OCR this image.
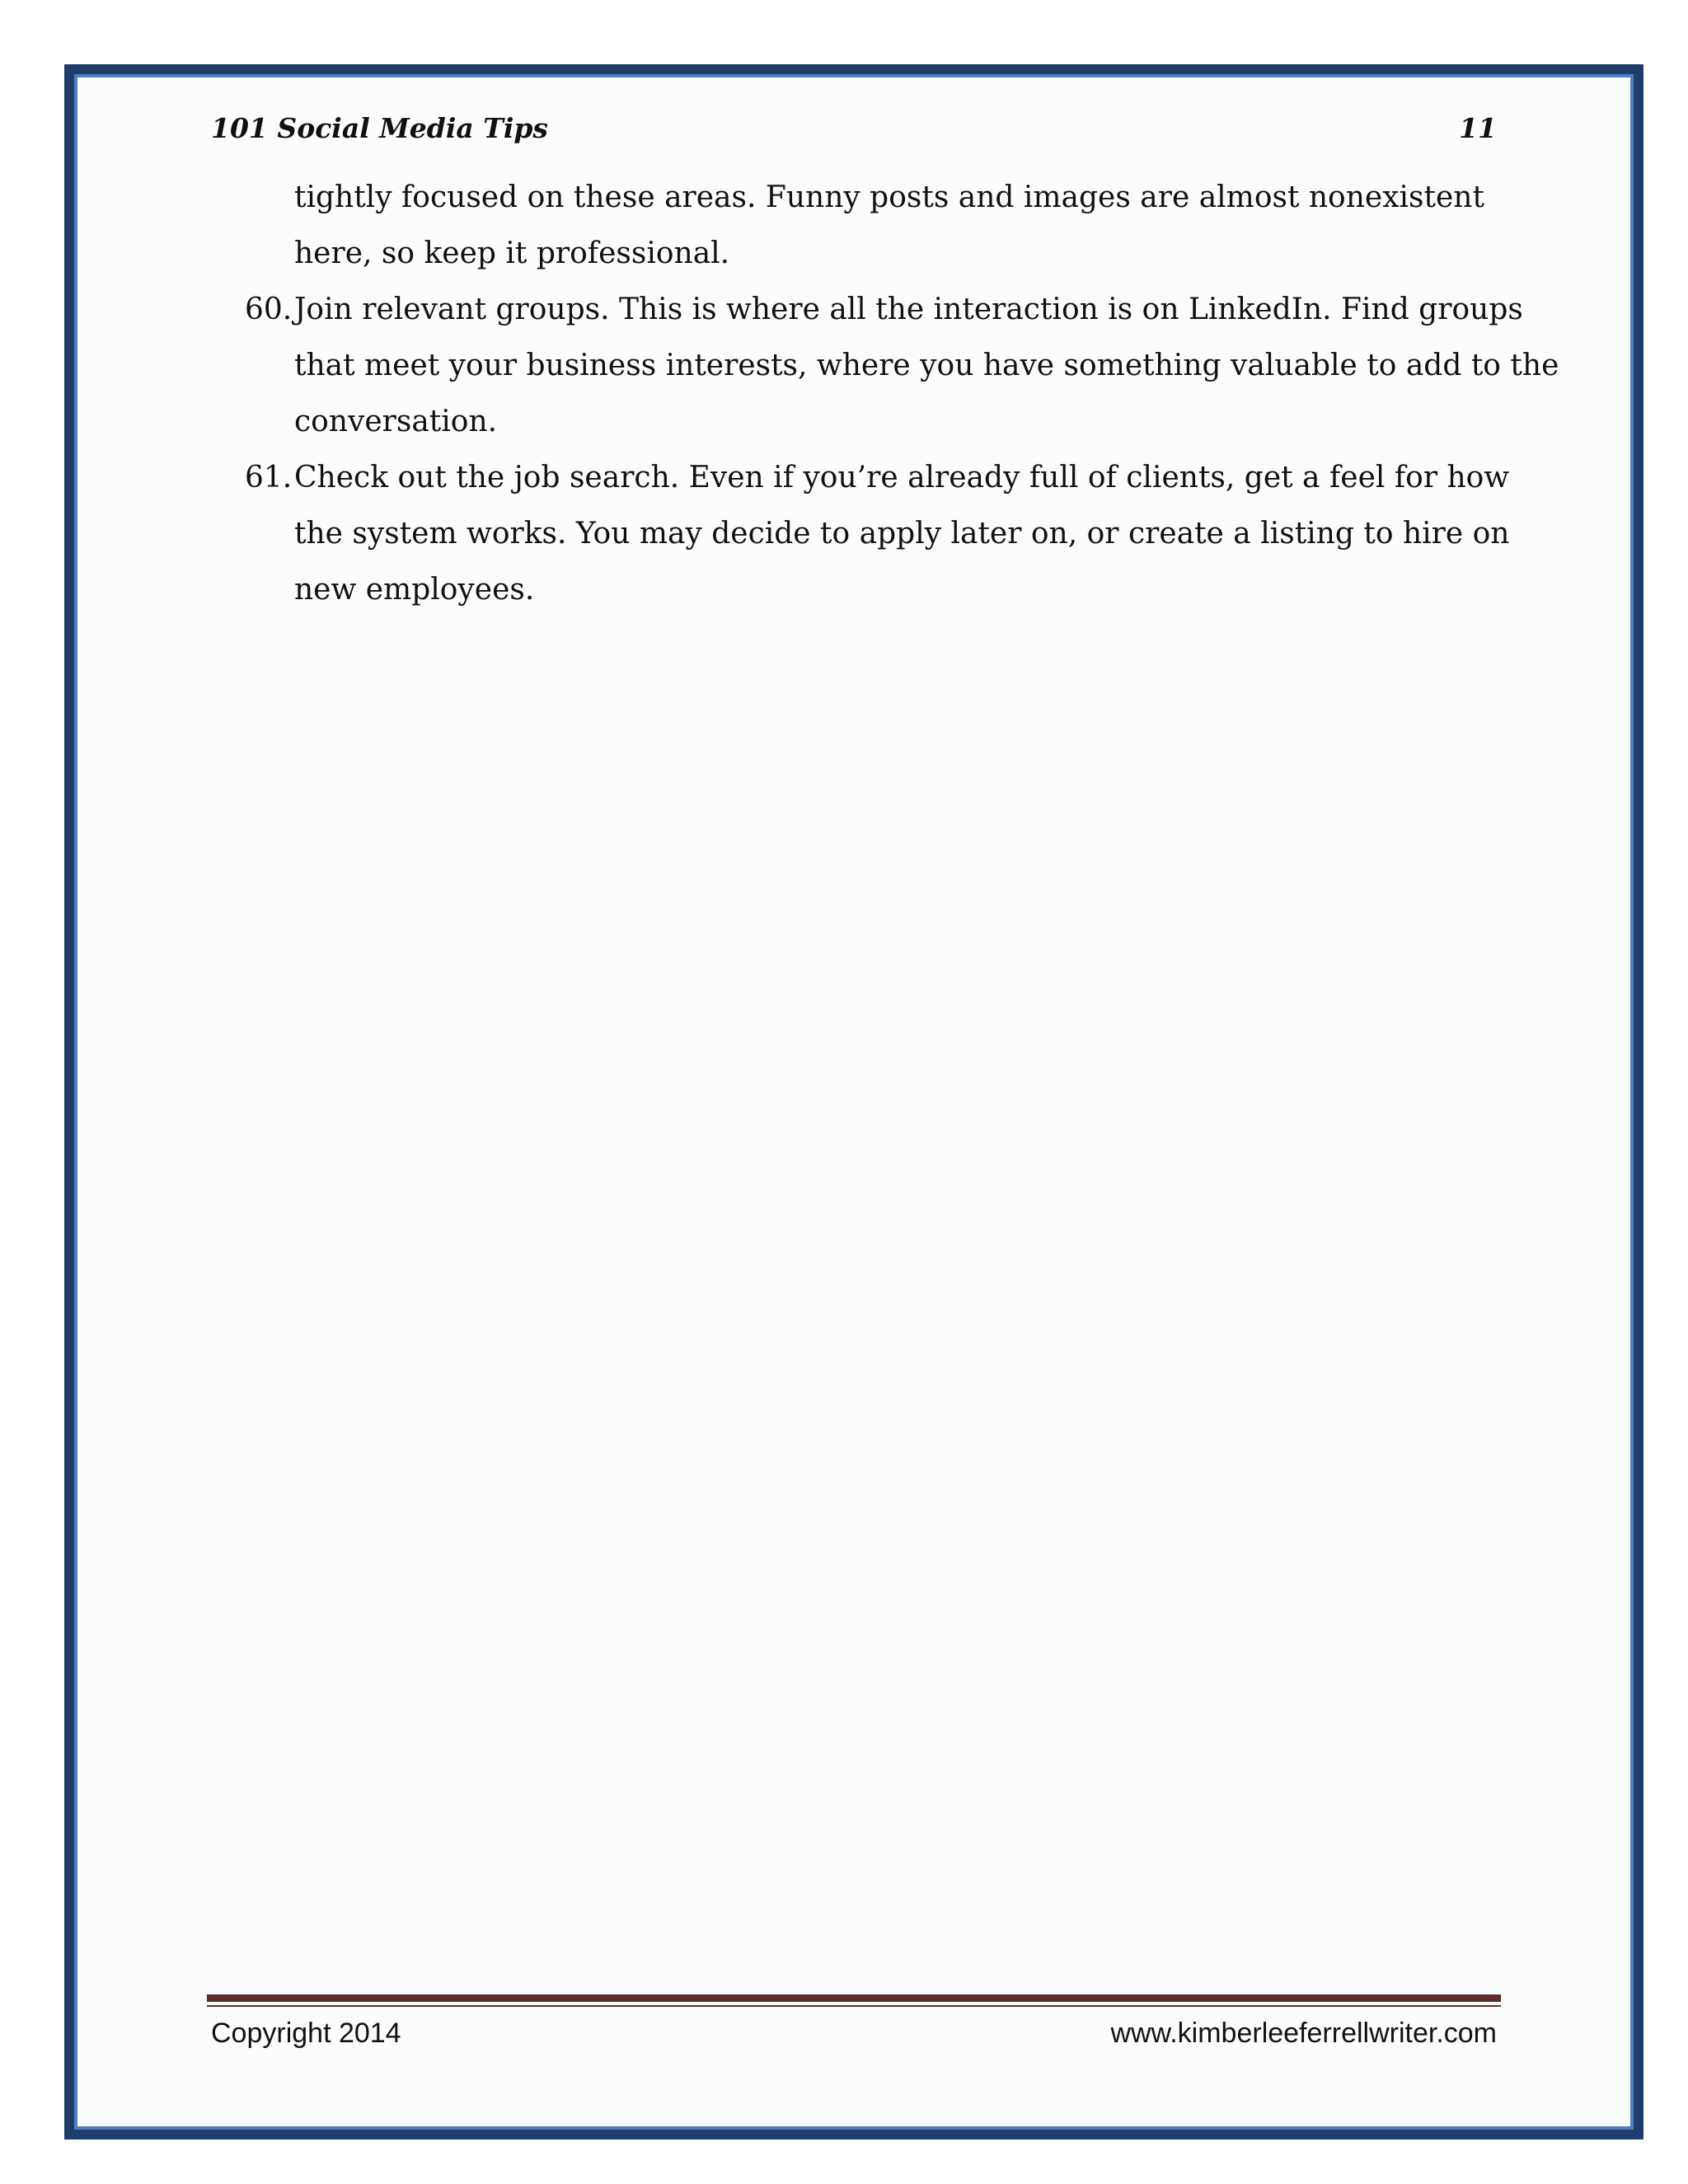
101 Social Media Tips	11

tightly focused on these areas. Funny posts and images are almost nonexistent here, so keep it professional.

60. Join relevant groups. This is where all the interaction is on LinkedIn. Find groups that meet your business interests, where you have something valuable to add to the conversation.
61. Check out the job search. Even if you’re already full of clients, get a feel for how the system works. You may decide to apply later on, or create a listing to hire on new employees.
Copyright 2014	www.kimberleeferrellwriter.com
